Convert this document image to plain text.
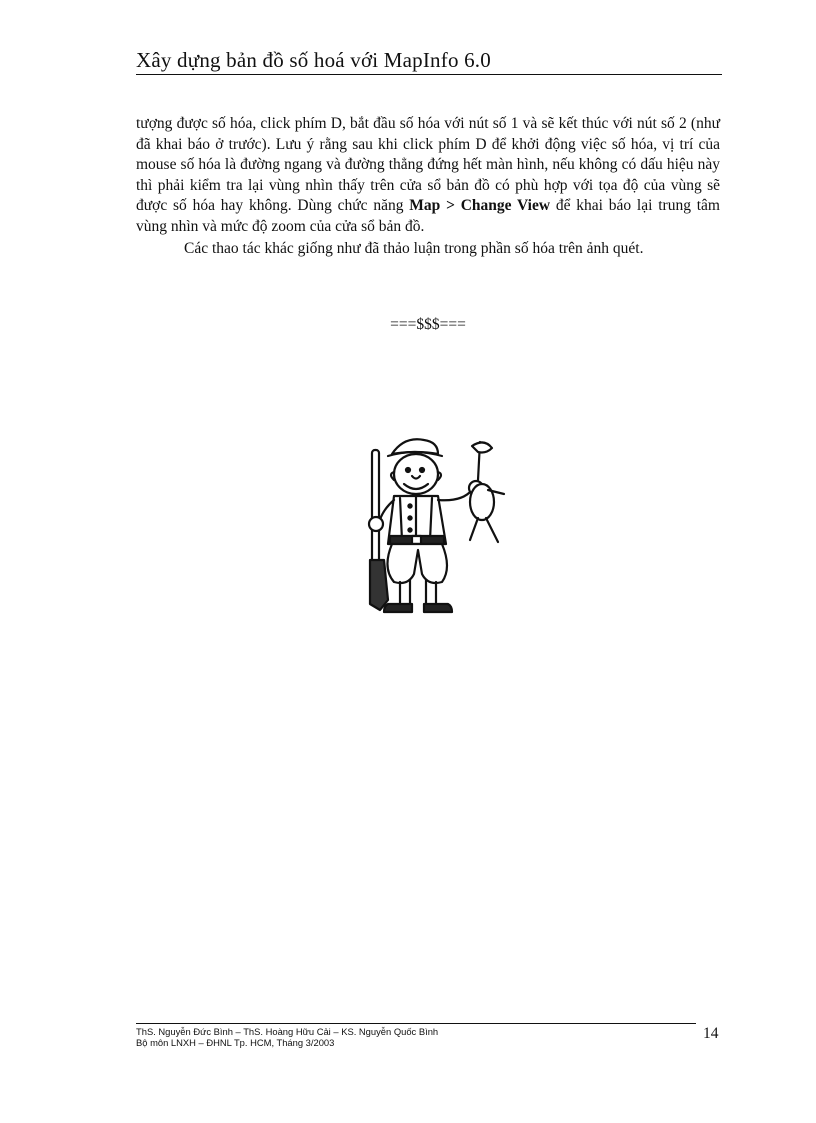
Xây dựng bản đồ số hoá với MapInfo 6.0

tượng được số hóa, click phím D, bắt đầu số hóa với nút số 1 và sẽ kết thúc với nút số 2 (như đã khai báo ở trước). Lưu ý rằng sau khi click phím D để khởi động việc số hóa, vị trí của mouse số hóa là đường ngang và đường thẳng đứng hết màn hình, nếu không có dấu hiệu này thì phải kiểm tra lại vùng nhìn thấy trên cửa sổ bản đồ có phù hợp với tọa độ của vùng sẽ được số hóa hay không. Dùng chức năng Map > Change View để khai báo lại trung tâm vùng nhìn và mức độ zoom của cửa sổ bản đồ.

Các thao tác khác giống như đã thảo luận trong phần số hóa trên ảnh quét.

===$$$===
ThS. Nguyễn Đức Bình – ThS. Hoàng Hữu Cải – KS. Nguyễn Quốc Bình
Bộ môn LNXH – ĐHNL Tp. HCM, Tháng 3/2003
14
